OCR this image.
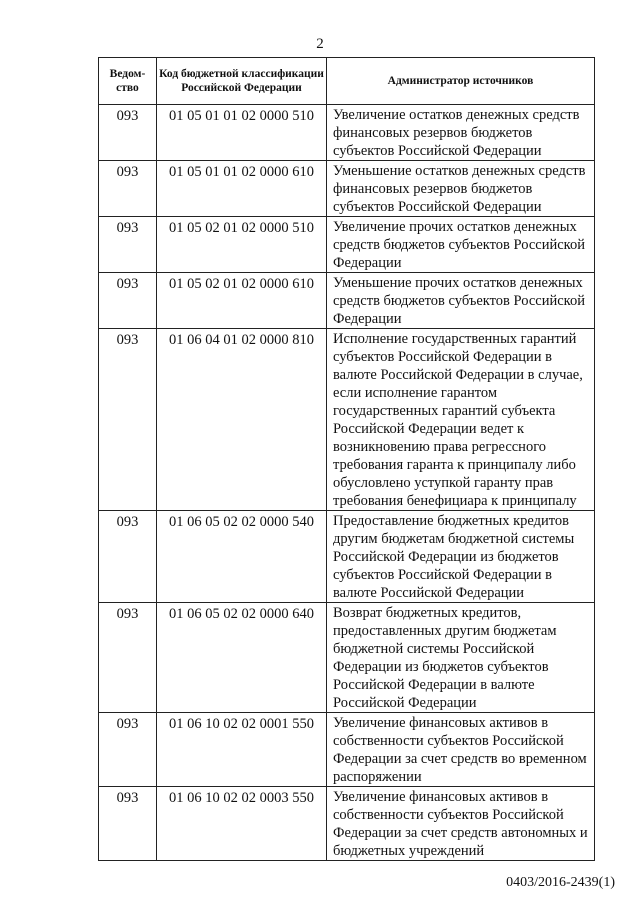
2
Ведом-ство	Код бюджетной классификации Российской Федерации	Администратор источников
093	01 05 01 01 02 0000 510	Увеличение остатков денежных средств финансовых резервов бюджетов субъектов Российской Федерации
093	01 05 01 01 02 0000 610	Уменьшение остатков денежных средств финансовых резервов бюджетов субъектов Российской Федерации
093	01 05 02 01 02 0000 510	Увеличение прочих остатков денежных средств бюджетов субъектов Российской Федерации
093	01 05 02 01 02 0000 610	Уменьшение прочих остатков денежных средств бюджетов субъектов Российской Федерации
093	01 06 04 01 02 0000 810	Исполнение государственных гарантий субъектов Российской Федерации в валюте Российской Федерации в случае, если исполнение гарантом государственных гарантий субъекта Российской Федерации ведет к возникновению права регрессного требования гаранта к принципалу либо обусловлено уступкой гаранту прав требования бенефициара к принципалу
093	01 06 05 02 02 0000 540	Предоставление бюджетных кредитов другим бюджетам бюджетной системы Российской Федерации из бюджетов субъектов Российской Федерации в валюте Российской Федерации
093	01 06 05 02 02 0000 640	Возврат бюджетных кредитов, предоставленных другим бюджетам бюджетной системы Российской Федерации из бюджетов субъектов Российской Федерации в валюте Российской Федерации
093	01 06 10 02 02 0001 550	Увеличение финансовых активов в собственности субъектов Российской Федерации за счет средств во временном распоряжении
093	01 06 10 02 02 0003 550	Увеличение финансовых активов в собственности субъектов Российской Федерации за счет средств автономных и бюджетных учреждений
0403/2016-2439(1)
